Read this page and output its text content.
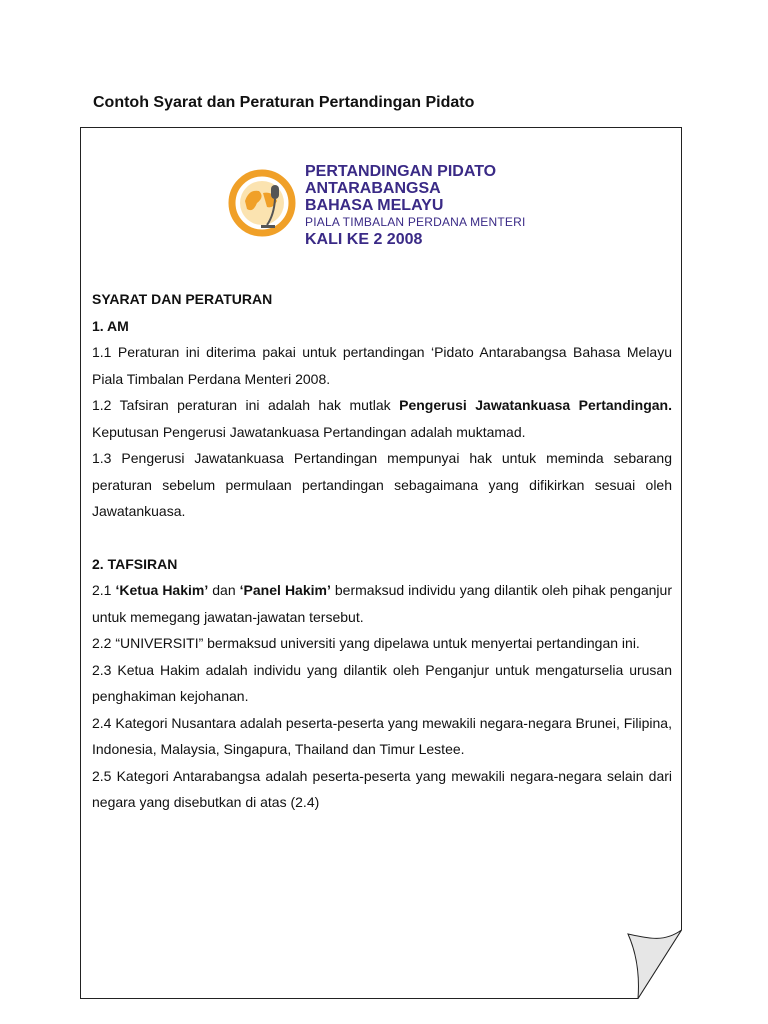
Contoh Syarat dan Peraturan Pertandingan Pidato
PERTANDINGAN PIDATO
ANTARABANGSA
BAHASA MELAYU
PIALA TIMBALAN PERDANA MENTERI
KALI KE 2 2008

SYARAT DAN PERATURAN

1. AM

1.1 Peraturan ini diterima pakai untuk pertandingan ‘Pidato Antarabangsa Bahasa Melayu Piala Timbalan Perdana Menteri 2008.

1.2 Tafsiran peraturan ini adalah hak mutlak Pengerusi Jawatankuasa Pertandingan. Keputusan Pengerusi Jawatankuasa Pertandingan adalah muktamad.

1.3 Pengerusi Jawatankuasa Pertandingan mempunyai hak untuk meminda sebarang peraturan sebelum permulaan pertandingan sebagaimana yang difikirkan sesuai oleh Jawatankuasa.

2. TAFSIRAN

2.1 ‘Ketua Hakim’ dan ‘Panel Hakim’ bermaksud individu yang dilantik oleh pihak penganjur untuk memegang jawatan-jawatan tersebut.

2.2 “UNIVERSITI” bermaksud universiti yang dipelawa untuk menyertai pertandingan ini.

2.3 Ketua Hakim adalah individu yang dilantik oleh Penganjur untuk mengaturselia urusan penghakiman kejohanan.

2.4 Kategori Nusantara adalah peserta-peserta yang mewakili negara-negara Brunei, Filipina, Indonesia, Malaysia, Singapura, Thailand dan Timur Lestee.

2.5 Kategori Antarabangsa adalah peserta-peserta yang mewakili negara-negara selain dari negara yang disebutkan di atas (2.4)
